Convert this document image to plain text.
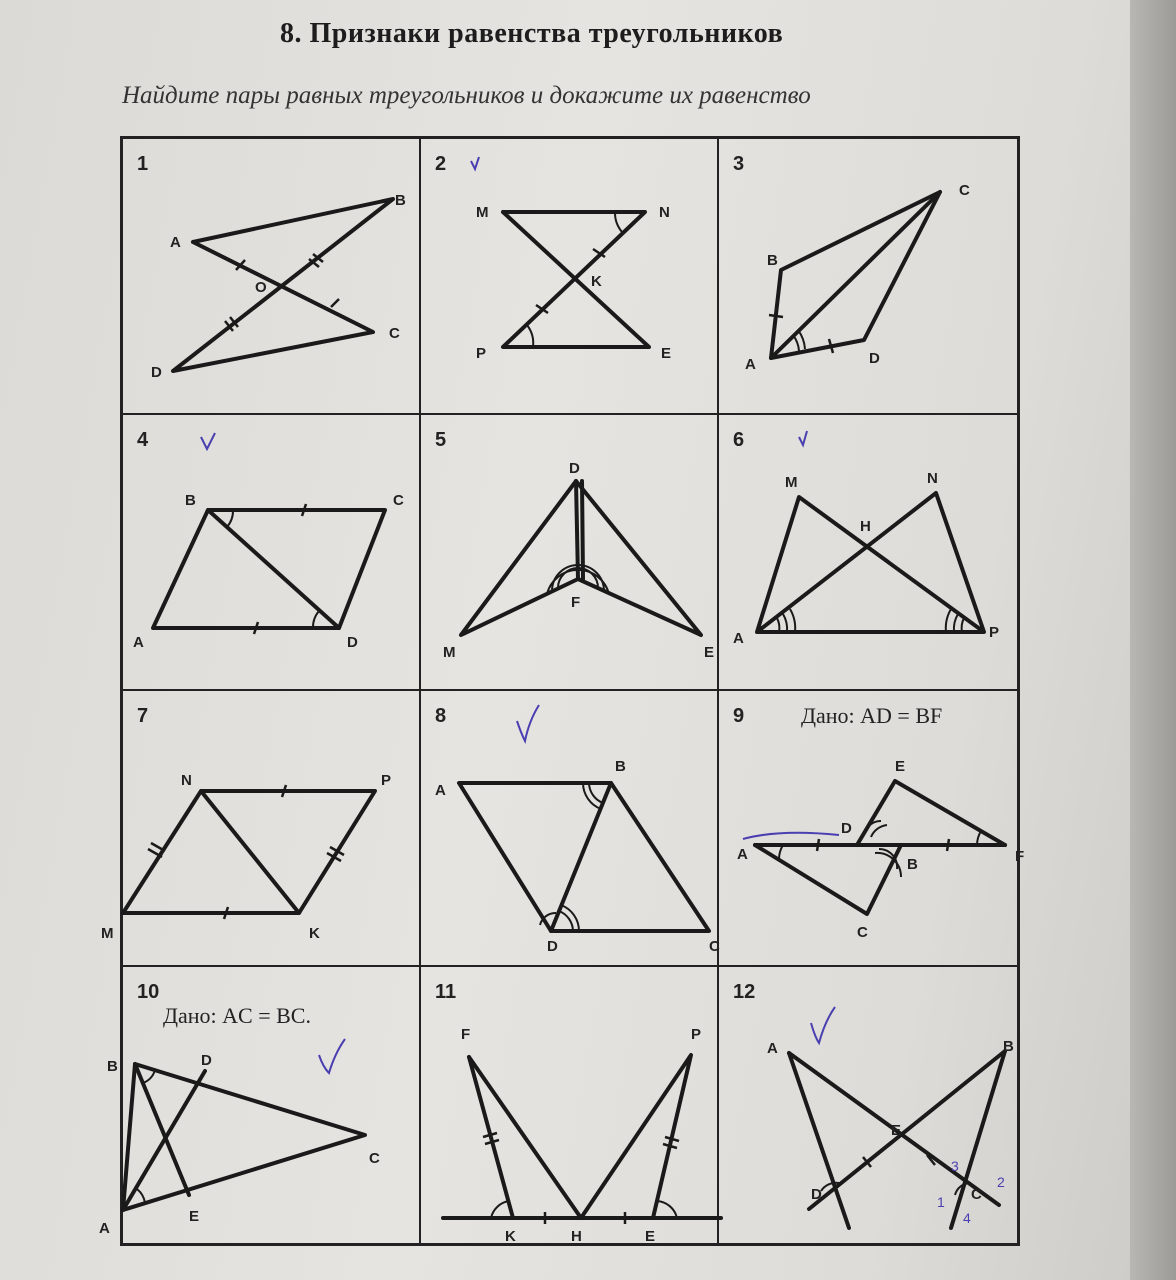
8. Признаки равенства треугольников
Найдите пары равных треугольников и докажите их равенство
1
A
B
C
D
O
2
M	N
K
P	E
3
C
B
A	D
4
B	C
A	D
5
D
F
M	E
6
M	N
H
A	P
7
N	P
M	K
8
A
B
D	C
9	Дано: AD = BF
E
D
A	F
B
C
10
Дано: AC = BC.
B	D
C
A
E
11
F	P
K	H	E
12
3
1
4
2
A	B
E
D	C
